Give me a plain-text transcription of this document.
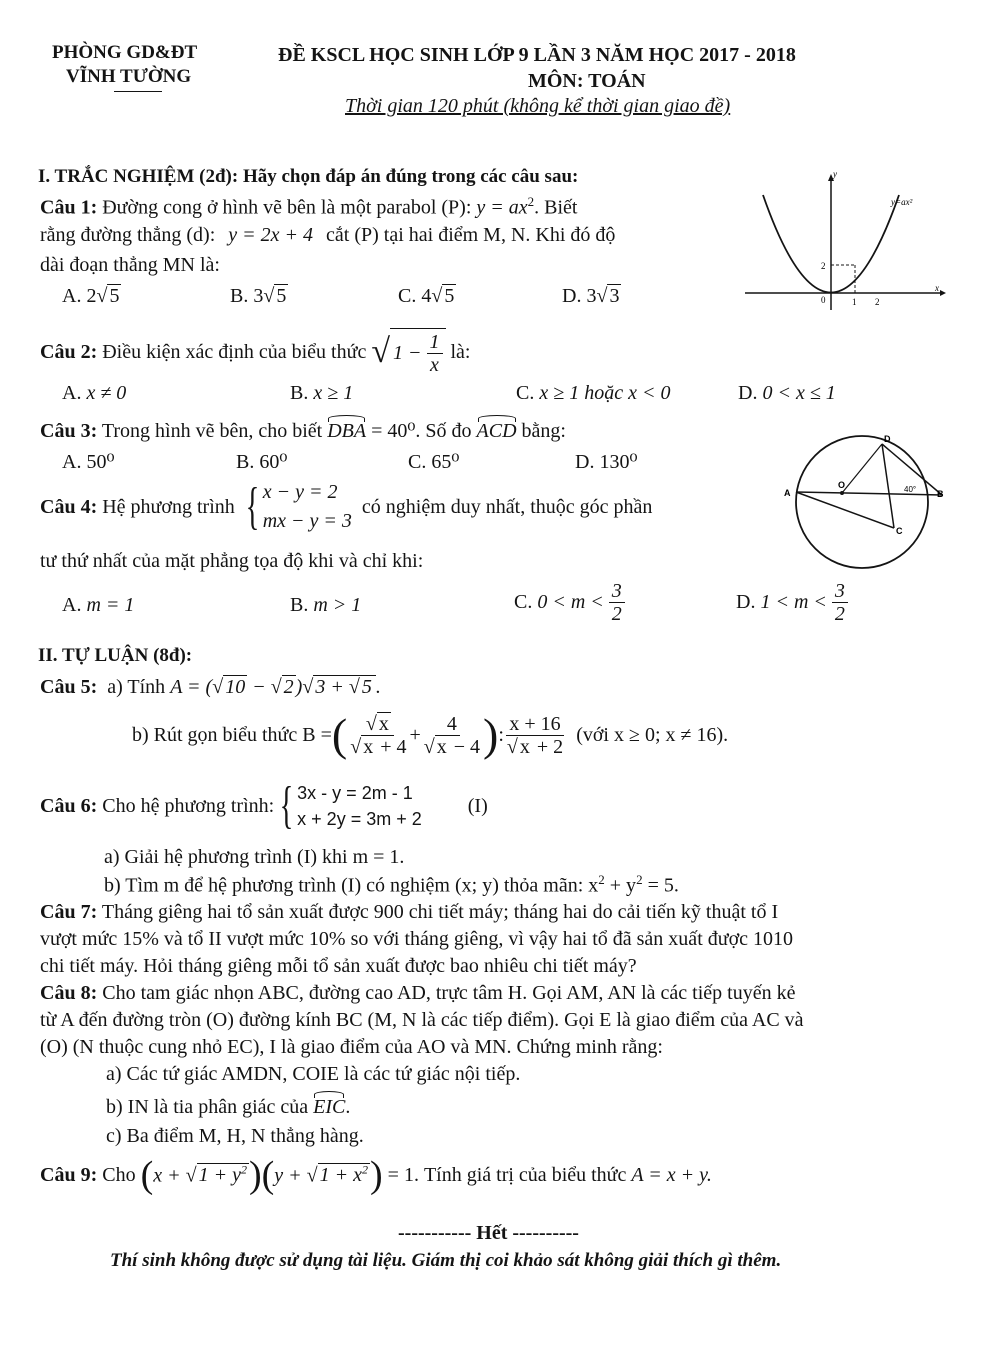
PHÒNG GD&ĐT
VĨNH TƯỜNG
ĐỀ KSCL HỌC SINH LỚP 9 LẦN 3 NĂM HỌC 2017 - 2018
MÔN: TOÁN
Thời gian 120 phút (không kể thời gian giao đề)
I. TRẮC NGHIỆM (2đ): Hãy chọn đáp án đúng trong các câu sau:
Câu 1: Đường cong ở hình vẽ bên là một parabol (P): $y = ax^2$. Biết
rằng đường thẳng (d): y = 2x + 4 cắt (P) tại hai điểm M, N. Khi đó độ
dài đoạn thẳng MN là:
A. 2√ 5	B. 3√ 5	C. 4√ 5	D. 3√ 3
y
x
y=ax²
2
0	1 2
Câu 2:
Điều kiện xác định của biểu thức
√ 1 −
$\frac{1}{x}$
là:
A. x ≠ 0	B. x ≥ 1	C. x ≥ 1 hoặc x < 0	D. 0 < x ≤ 1
Câu 3: Trong hình vẽ bên, cho biết DBA = 40⁰. Số đo ACD bằng:
A. 50⁰	B. 60⁰	C. 65⁰	D. 130⁰
D
A
O
B
C
40°
Câu 4:
Hệ phương trình
{ x − y = 2
mx − y = 3

có nghiệm duy nhất, thuộc góc phần
tư thứ nhất của mặt phẳng tọa độ khi và chỉ khi:
A. m = 1	B. m > 1	C.
0 < m <
$\frac{3}{2}$	D.
1 < m <
$\frac{3}{2}$
II. TỰ LUẬN (8đ):
Câu 5: a) Tính A = (√ 10 − √ 2 )√ 3 + √ 5 .
b) Rút gọn biểu thức
B = ( $\frac{√ x}{√ x + 4} + \frac{4}{√ x - 4}$ ) : $\frac{x + 16}{√ x + 2}$
(với x ≥ 0; x ≠ 16).
Câu 6:
Cho hệ phương trình: { 3x - y = 2m - 1
x + 2y = 3m + 2
(I)
a) Giải hệ phương trình (I) khi m = 1.
b) Tìm m để hệ phương trình (I) có nghiệm (x; y) thỏa mãn: $x^2 + y^2 = 5$.
Câu 7: Tháng giêng hai tổ sản xuất được 900 chi tiết máy; tháng hai do cải tiến kỹ thuật tổ I
vượt mức 15% và tổ II vượt mức 10% so với tháng giêng, vì vậy hai tổ đã sản xuất được 1010
chi tiết máy. Hỏi tháng giêng mỗi tổ sản xuất được bao nhiêu chi tiết máy?
Câu 8: Cho tam giác nhọn ABC, đường cao AD, trực tâm H. Gọi AM, AN là các tiếp tuyến kẻ
từ A đến đường tròn (O) đường kính BC (M, N là các tiếp điểm). Gọi E là giao điểm của AC và
(O) (N thuộc cung nhỏ EC), I là giao điểm của AO và MN. Chứng minh rằng:
a) Các tứ giác AMDN, COIE là các tứ giác nội tiếp.
b) IN là tia phân giác của EIC.
c) Ba điểm M, H, N thẳng hàng.
Câu 9:
Cho
( x + √ $1 + y^2$ ) ( y + √ $1 + x^2$ )
= 1.
Tính giá trị của biểu thức
A = x + y.
----------- Hết ----------
Thí sinh không được sử dụng tài liệu. Giám thị coi khảo sát không giải thích gì thêm.
